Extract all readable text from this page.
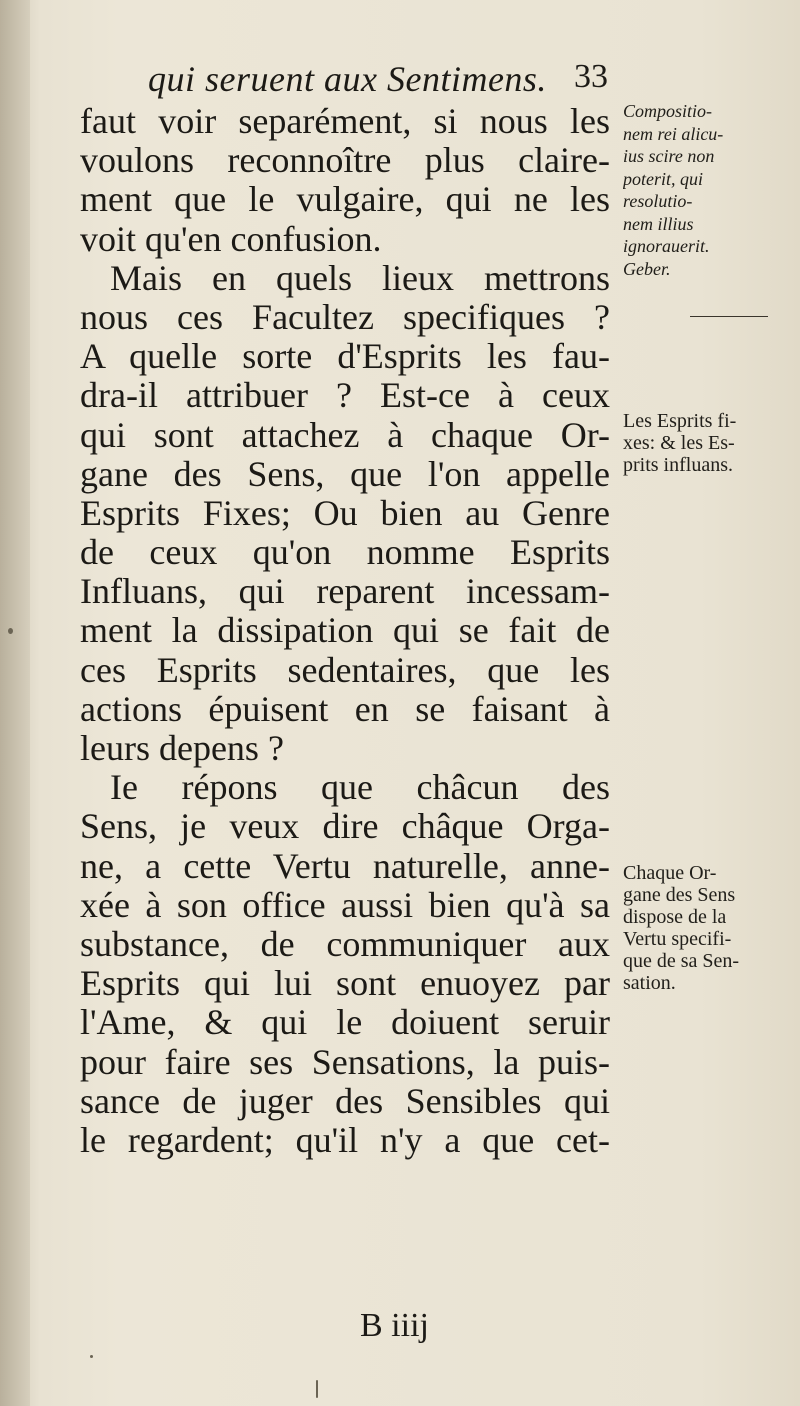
qui seruent aux Sentimens. 33
faut voir separément, si nous les
voulons reconnoître plus claire-
ment que le vulgaire, qui ne les
voit qu'en confusion.
Mais en quels lieux mettrons
nous ces Facultez specifiques ?
A quelle sorte d'Esprits les fau-
dra-il attribuer ? Est-ce à ceux
qui sont attachez à chaque Or-
gane des Sens, que l'on appelle
Esprits Fixes; Ou bien au Genre
de ceux qu'on nomme Esprits
Influans, qui reparent incessam-
ment la dissipation qui se fait de
ces Esprits sedentaires, que les
actions épuisent en se faisant à
leurs depens ?
Ie répons que châcun des
Sens, je veux dire châque Orga-
ne, a cette Vertu naturelle, anne-
xée à son office aussi bien qu'à sa
substance, de communiquer aux
Esprits qui lui sont enuoyez par
l'Ame, & qui le doiuent seruir
pour faire ses Sensations, la puis-
sance de juger des Sensibles qui
le regardent; qu'il n'y a que cet-
B iiij
Compositio-
nem rei alicu-
ius scire non
poterit, qui
resolutio-
nem illius
ignorauerit.
Geber.
Les Esprits fi-
xes: & les Es-
prits influans.
Chaque Or-
gane des Sens
dispose de la
Vertu specifi-
que de sa Sen-
sation.
